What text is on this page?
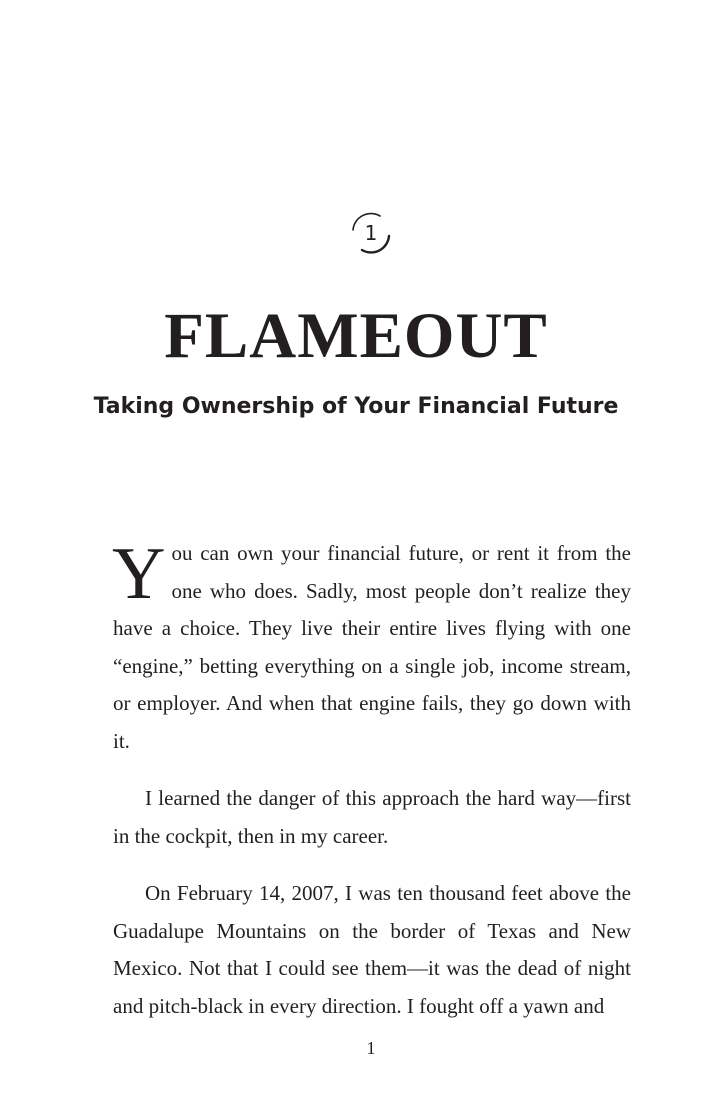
1
FLAMEOUT
Taking Ownership of Your Financial Future

You can own your financial future, or rent it from the one who does. Sadly, most people don’t realize they have a choice. They live their entire lives flying with one “engine,” betting everything on a single job, income stream, or employer. And when that engine fails, they go down with it.

I learned the danger of this approach the hard way—first in the cockpit, then in my career.

On February 14, 2007, I was ten thousand feet above the Guadalupe Mountains on the border of Texas and New Mexico. Not that I could see them—it was the dead of night and pitch-black in every direction. I fought off a yawn and

1
